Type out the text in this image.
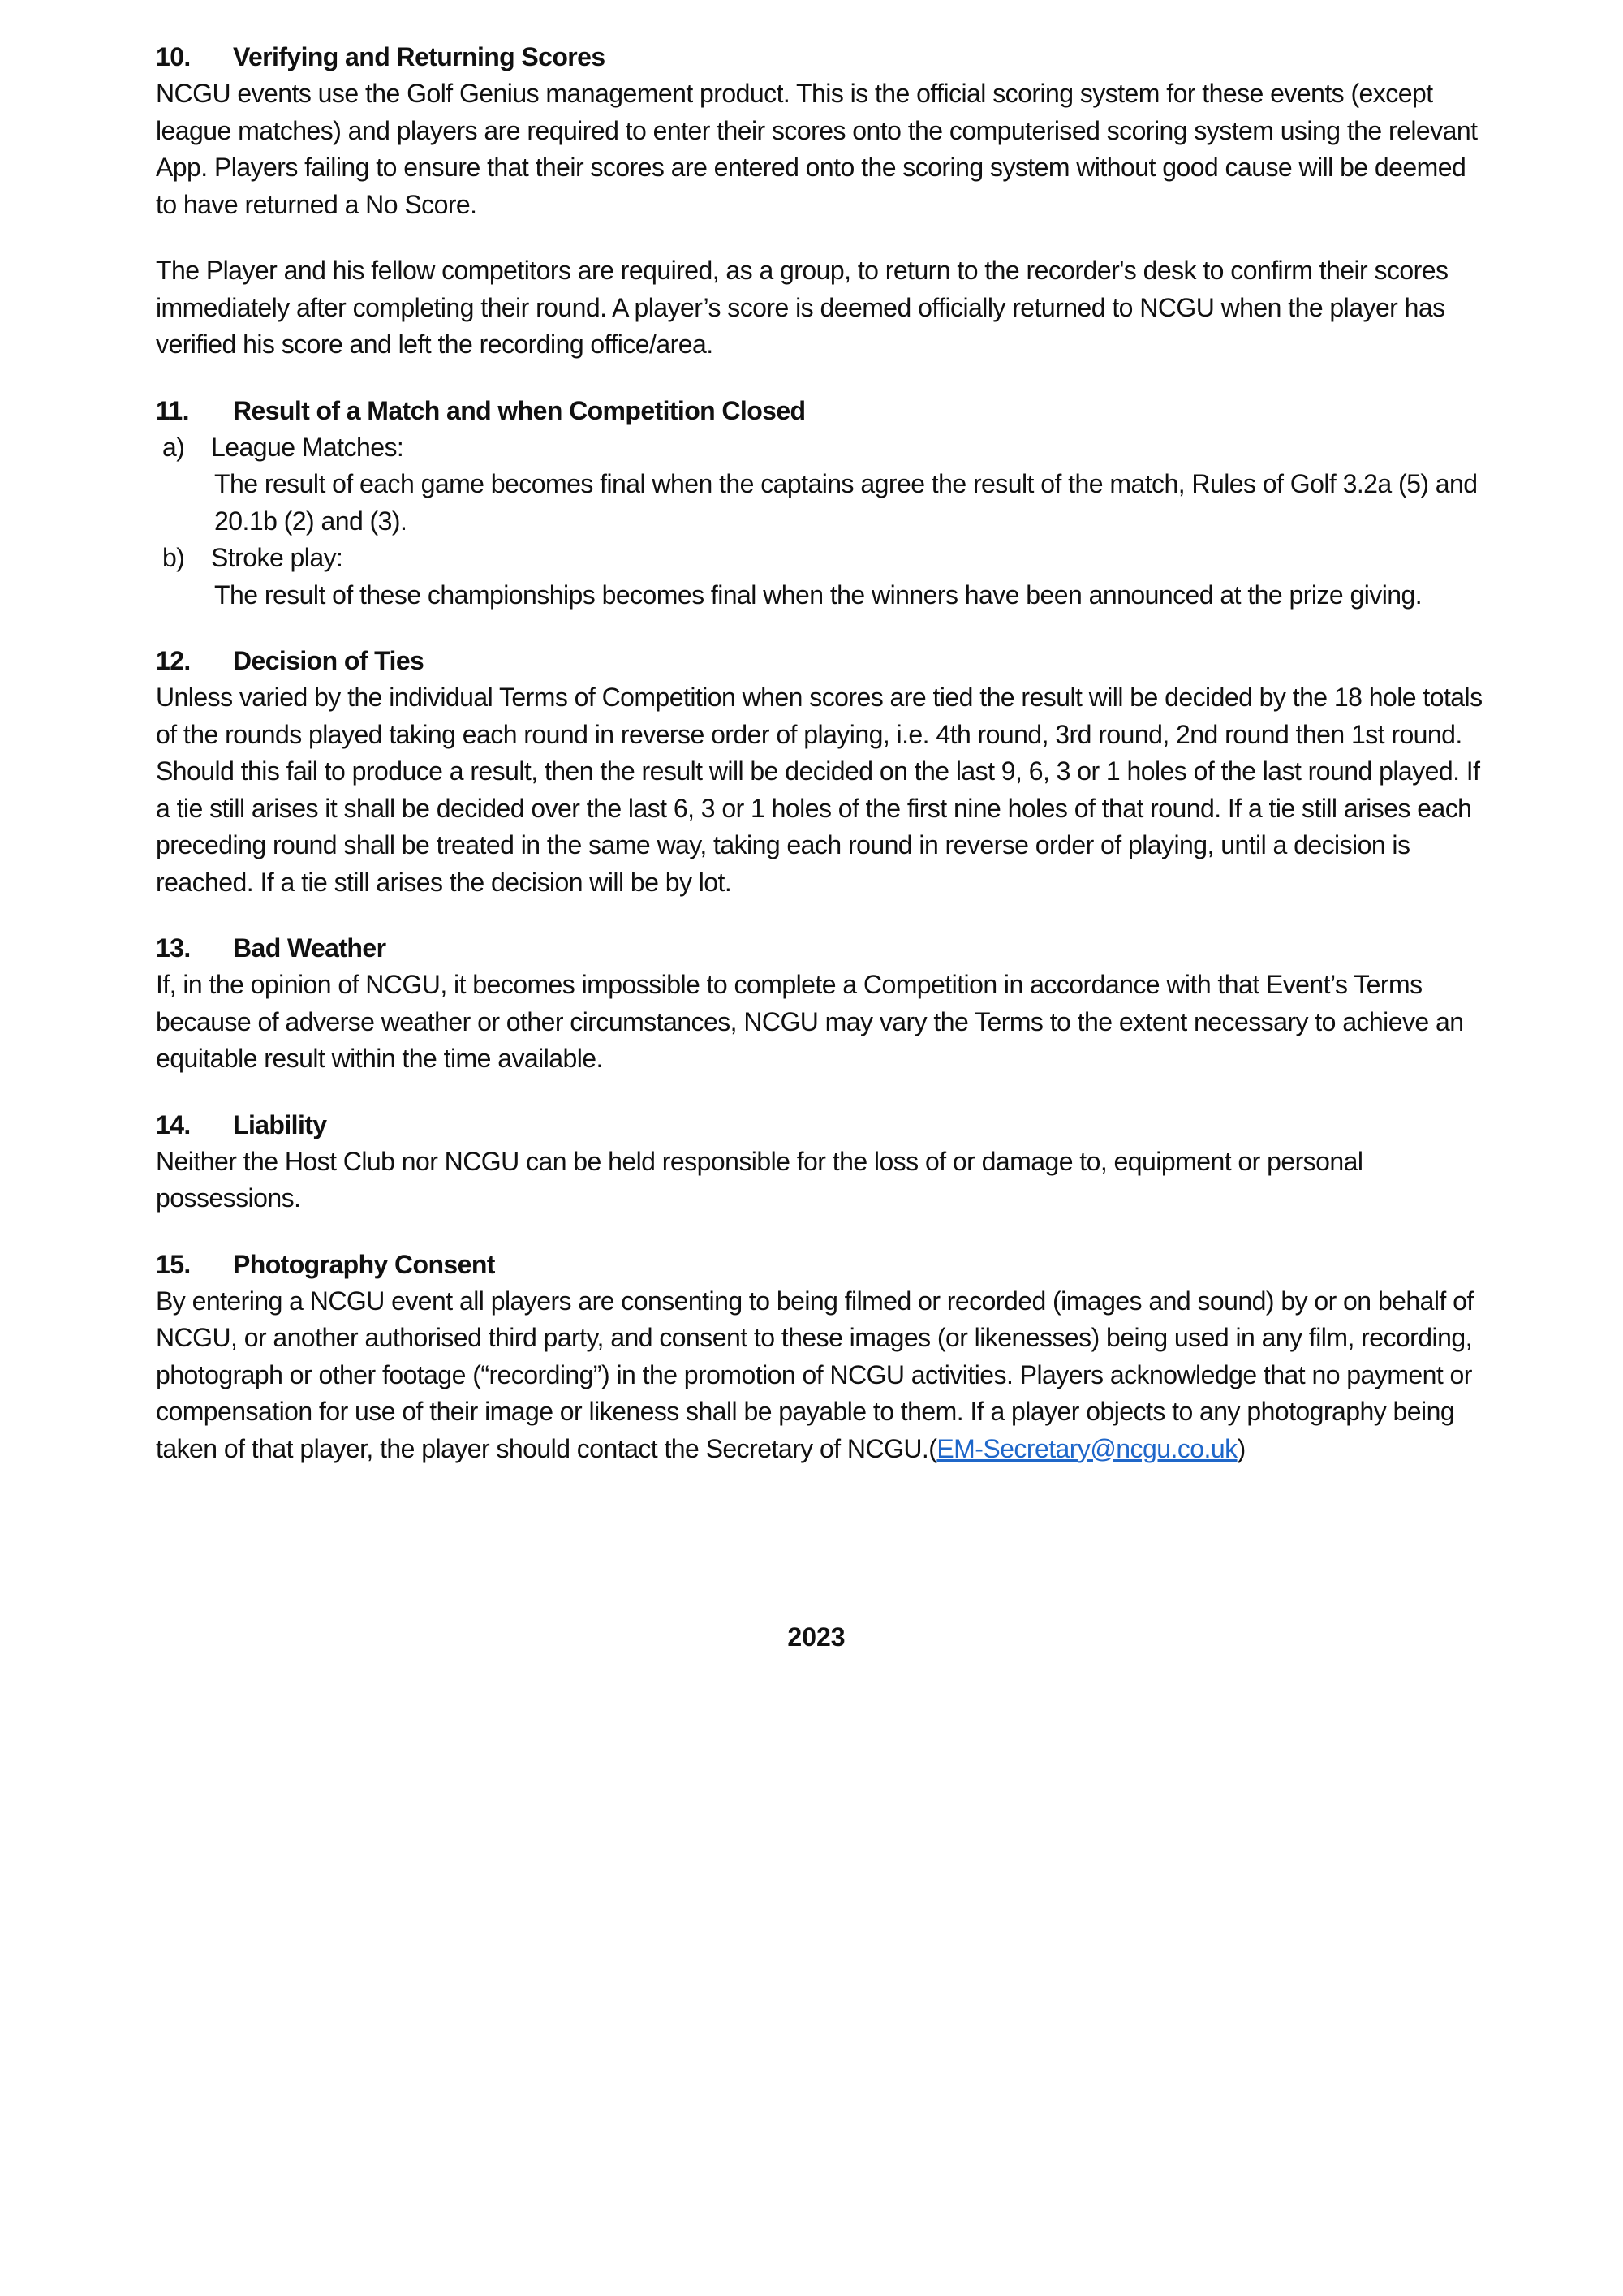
10. Verifying and Returning Scores

NCGU events use the Golf Genius management product. This is the official scoring system for these events (except league matches) and players are required to enter their scores onto the computerised scoring system using the relevant App. Players failing to ensure that their scores are entered onto the scoring system without good cause will be deemed to have returned a No Score.

The Player and his fellow competitors are required, as a group, to return to the recorder's desk to confirm their scores immediately after completing their round. A player’s score is deemed officially returned to NCGU when the player has verified his score and left the recording office/area.

11. Result of a Match and when Competition Closed
a)	League Matches:
The result of each game becomes final when the captains agree the result of the match, Rules of Golf 3.2a (5) and 20.1b (2) and (3).
b)	Stroke play:
The result of these championships becomes final when the winners have been announced at the prize giving.
12. Decision of Ties

Unless varied by the individual Terms of Competition when scores are tied the result will be decided by the 18 hole totals of the rounds played taking each round in reverse order of playing, i.e. 4th round, 3rd round, 2nd round then 1st round. Should this fail to produce a result, then the result will be decided on the last 9, 6, 3 or 1 holes of the last round played. If a tie still arises it shall be decided over the last 6, 3 or 1 holes of the first nine holes of that round. If a tie still arises each preceding round shall be treated in the same way, taking each round in reverse order of playing, until a decision is reached. If a tie still arises the decision will be by lot.

13. Bad Weather

If, in the opinion of NCGU, it becomes impossible to complete a Competition in accordance with that Event’s Terms because of adverse weather or other circumstances, NCGU may vary the Terms to the extent necessary to achieve an equitable result within the time available.

14. Liability

Neither the Host Club nor NCGU can be held responsible for the loss of or damage to, equipment or personal possessions.

15. Photography Consent

By entering a NCGU event all players are consenting to being filmed or recorded (images and sound) by or on behalf of NCGU, or another authorised third party, and consent to these images (or likenesses) being used in any film, recording, photograph or other footage (“recording”) in the promotion of NCGU activities. Players acknowledge that no payment or compensation for use of their image or likeness shall be payable to them. If a player objects to any photography being taken of that player, the player should contact the Secretary of NCGU.(EM-Secretary@ncgu.co.uk)

2023
